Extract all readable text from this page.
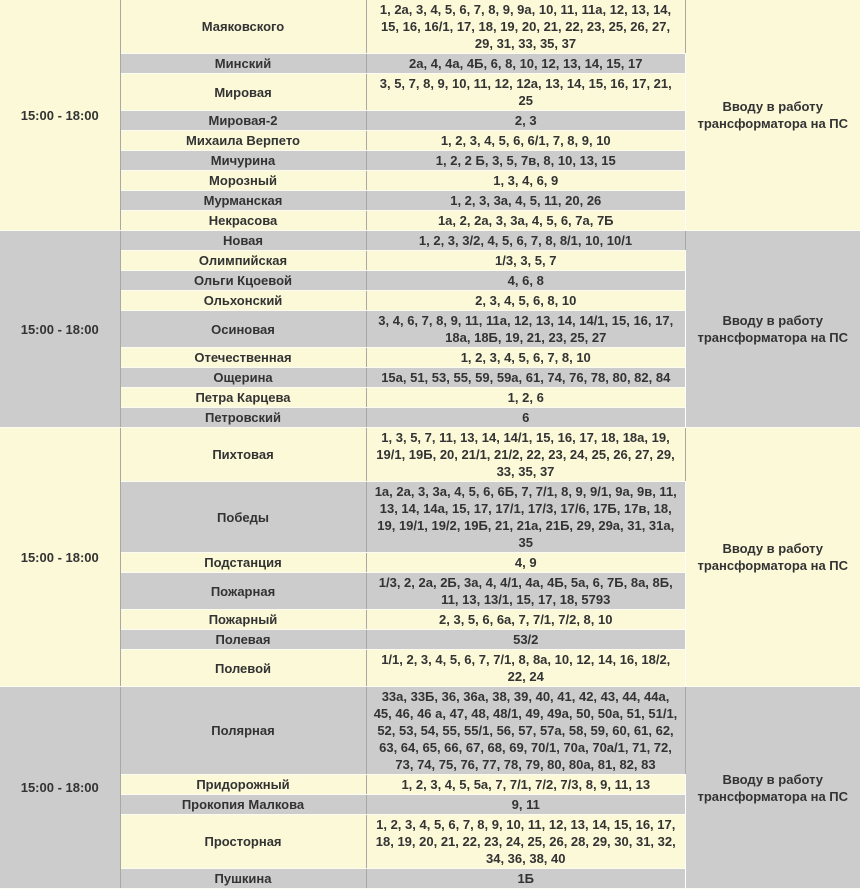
15:00 - 18:00	Маяковского	1, 2а, 3, 4, 5, 6, 7, 8, 9, 9а, 10, 11, 11а, 12, 13, 14, 15, 16, 16/1, 17, 18, 19, 20, 21, 22, 23, 25, 26, 27, 29, 31, 33, 35, 37	Вводу в работу трансформатора на ПС
	Минский	2а, 4, 4а, 4Б, 6, 8, 10, 12, 13, 14, 15, 17	
	Мировая	3, 5, 7, 8, 9, 10, 11, 12, 12а, 13, 14, 15, 16, 17, 21, 25	
	Мировая-2	2, 3	
	Михаила Верпето	1, 2, 3, 4, 5, 6, 6/1, 7, 8, 9, 10	
	Мичурина	1, 2, 2 Б, 3, 5, 7в, 8, 10, 13, 15	
	Морозный	1, 3, 4, 6, 9	
	Мурманская	1, 2, 3, 3а, 4, 5, 11, 20, 26	
	Некрасова	1а, 2, 2а, 3, 3а, 4, 5, 6, 7а, 7Б	
15:00 - 18:00	Новая	1, 2, 3, 3/2, 4, 5, 6, 7, 8, 8/1, 10, 10/1	Вводу в работу трансформатора на ПС
	Олимпийская	1/3, 3, 5, 7	
	Ольги Кцоевой	4, 6, 8	
	Ольхонский	2, 3, 4, 5, 6, 8, 10	
	Осиновая	3, 4, 6, 7, 8, 9, 11, 11а, 12, 13, 14, 14/1, 15, 16, 17, 18а, 18Б, 19, 21, 23, 25, 27	
	Отечественная	1, 2, 3, 4, 5, 6, 7, 8, 10	
	Ощерина	15а, 51, 53, 55, 59, 59а, 61, 74, 76, 78, 80, 82, 84	
	Петра Карцева	1, 2, 6	
	Петровский	6	
15:00 - 18:00	Пихтовая	1, 3, 5, 7, 11, 13, 14, 14/1, 15, 16, 17, 18, 18а, 19, 19/1, 19Б, 20, 21/1, 21/2, 22, 23, 24, 25, 26, 27, 29, 33, 35, 37	Вводу в работу трансформатора на ПС
	Победы	1а, 2а, 3, 3а, 4, 5, 6, 6Б, 7, 7/1, 8, 9, 9/1, 9а, 9в, 11, 13, 14, 14а, 15, 17, 17/1, 17/3, 17/6, 17Б, 17в, 18, 19, 19/1, 19/2, 19Б, 21, 21а, 21Б, 29, 29а, 31, 31а, 35	
	Подстанция	4, 9	
	Пожарная	1/3, 2, 2а, 2Б, 3а, 4, 4/1, 4а, 4Б, 5а, 6, 7Б, 8а, 8Б, 11, 13, 13/1, 15, 17, 18, 5793	
	Пожарный	2, 3, 5, 6, 6а, 7, 7/1, 7/2, 8, 10	
	Полевая	53/2	
	Полевой	1/1, 2, 3, 4, 5, 6, 7, 7/1, 8, 8а, 10, 12, 14, 16, 18/2, 22, 24	
15:00 - 18:00	Полярная	33а, 33Б, 36, 36а, 38, 39, 40, 41, 42, 43, 44, 44а, 45, 46, 46 а, 47, 48, 48/1, 49, 49а, 50, 50а, 51, 51/1, 52, 53, 54, 55, 55/1, 56, 57, 57а, 58, 59, 60, 61, 62, 63, 64, 65, 66, 67, 68, 69, 70/1, 70а, 70а/1, 71, 72, 73, 74, 75, 76, 77, 78, 79, 80, 80а, 81, 82, 83	Вводу в работу трансформатора на ПС
	Придорожный	1, 2, 3, 4, 5, 5а, 7, 7/1, 7/2, 7/3, 8, 9, 11, 13	
	Прокопия Малкова	9, 11	
	Просторная	1, 2, 3, 4, 5, 6, 7, 8, 9, 10, 11, 12, 13, 14, 15, 16, 17, 18, 19, 20, 21, 22, 23, 24, 25, 26, 28, 29, 30, 31, 32, 34, 36, 38, 40	
	Пушкина	1Б	
